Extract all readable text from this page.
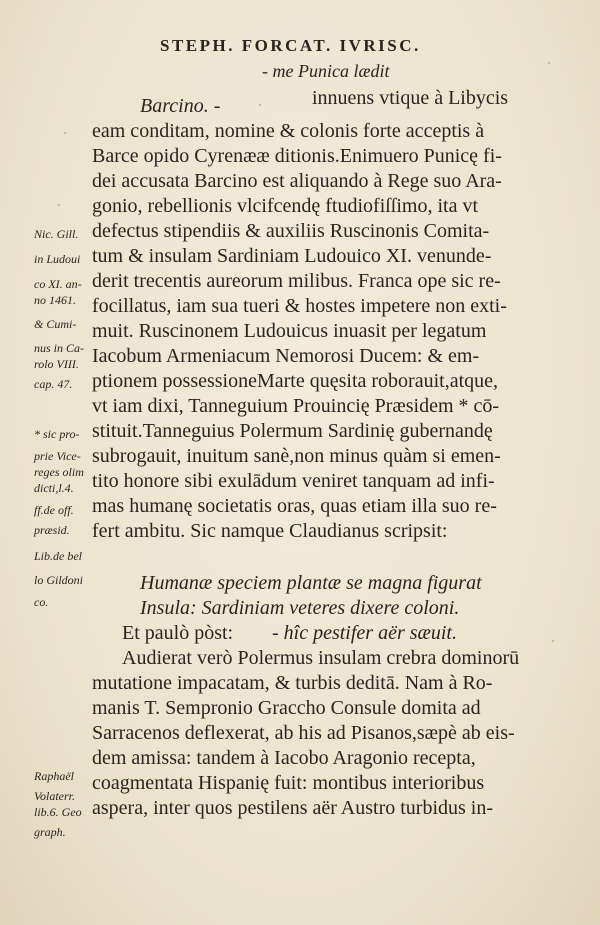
STEPH. FORCAT. IVRISC.
- me Punica lædit
Barcino. -	innuens vtique à Libycis
eam conditam, nomine & colonis forte acceptis à
Barce opido Cyrenææ ditionis.Enimuero Punicę fi-
dei accusata Barcino est aliquando à Rege suo Ara-
gonio, rebellionis vlcifcendę ftudiofiſſimo, ita vt
defectus stipendiis & auxiliis Ruscinonis Comita-
tum & insulam Sardiniam Ludouico XI. venunde-
derit trecentis aureorum milibus. Franca ope sic re-
focillatus, iam sua tueri & hostes impetere non exti-
muit. Ruscinonem Ludouicus inuasit per legatum
Iacobum Armeniacum Nemorosi Ducem: & em-
ptionem possessioneMarte quęsita roborauit,atque,
vt iam dixi, Tanneguium Prouincię Præsidem * cō-
stituit.Tanneguius Polermum Sardinię gubernandę
subrogauit, inuitum sanè,non minus quàm si emen-
tito honore sibi exulādum veniret tanquam ad infi-
mas humanę societatis oras, quas etiam illa suo re-
fert ambitu. Sic namque Claudianus scripsit:
Humanæ speciem plantæ se magna figurat
Insula: Sardiniam veteres dixere coloni.
Et paulò pòst: - hîc pestifer aër sæuit.
Audierat verò Polermus insulam crebra dominorū
mutatione impacatam, & turbis deditā. Nam à Ro-
manis T. Sempronio Graccho Consule domita ad
Sarracenos deflexerat, ab his ad Pisanos,sæpè ab eis-
dem amissa: tandem à Iacobo Aragonio recepta,
coagmentata Hispanię fuit: montibus interioribus
aspera, inter quos pestilens aër Austro turbidus in-
Nic. Gill.
in Ludoui
co XI. an-
no 1461.
& Cumi-
nus in Ca-
rolo VIII.
cap. 47.
* sic pro-
prie Vice-
reges olim
dicti,l.4.
ff.de off.
præsid.
Lib.de bel
lo Gildoni
co.
Raphaël
Volaterr.
lib.6. Geo
graph.
